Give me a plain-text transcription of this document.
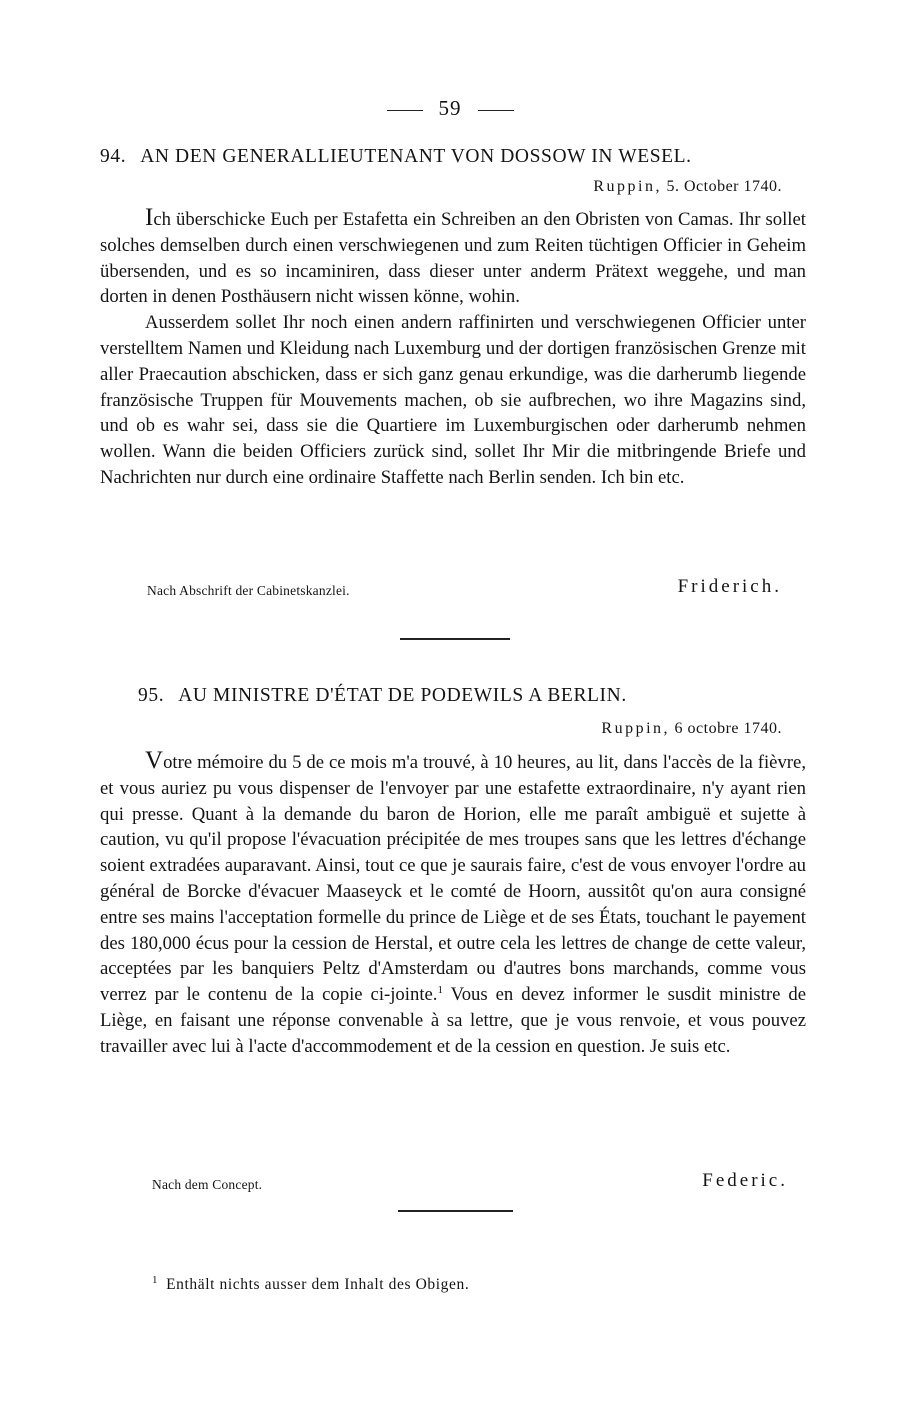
59
94. AN DEN GENERALLIEUTENANT VON DOSSOW IN WESEL.
Ruppin, 5. October 1740.

Ich überschicke Euch per Estafetta ein Schreiben an den Obristen von Camas. Ihr sollet solches demselben durch einen verschwiegenen und zum Reiten tüchtigen Officier in Geheim übersenden, und es so incaminiren, dass dieser unter anderm Prätext weggehe, und man dorten in denen Posthäusern nicht wissen könne, wohin.

Ausserdem sollet Ihr noch einen andern raffinirten und verschwiegenen Officier unter verstelltem Namen und Kleidung nach Luxemburg und der dortigen französischen Grenze mit aller Praecaution abschicken, dass er sich ganz genau erkundige, was die darherumb liegende französische Truppen für Mouvements machen, ob sie aufbrechen, wo ihre Magazins sind, und ob es wahr sei, dass sie die Quartiere im Luxemburgischen oder darherumb nehmen wollen. Wann die beiden Officiers zurück sind, sollet Ihr Mir die mitbringende Briefe und Nachrichten nur durch eine ordinaire Staffette nach Berlin senden. Ich bin etc.

Nach Abschrift der Cabinetskanzlei.	Friderich.
95. AU MINISTRE D'ÉTAT DE PODEWILS A BERLIN.
Ruppin, 6 octobre 1740.

Votre mémoire du 5 de ce mois m'a trouvé, à 10 heures, au lit, dans l'accès de la fièvre, et vous auriez pu vous dispenser de l'envoyer par une estafette extraordinaire, n'y ayant rien qui presse. Quant à la demande du baron de Horion, elle me paraît ambiguë et sujette à caution, vu qu'il propose l'évacuation précipitée de mes troupes sans que les lettres d'échange soient extradées auparavant. Ainsi, tout ce que je saurais faire, c'est de vous envoyer l'ordre au général de Borcke d'évacuer Maaseyck et le comté de Hoorn, aussitôt qu'on aura consigné entre ses mains l'acceptation formelle du prince de Liège et de ses États, touchant le payement des 180,000 écus pour la cession de Herstal, et outre cela les lettres de change de cette valeur, acceptées par les banquiers Peltz d'Amsterdam ou d'autres bons marchands, comme vous verrez par le contenu de la copie ci-jointe.$^1$ Vous en devez informer le susdit ministre de Liège, en faisant une réponse convenable à sa lettre, que je vous renvoie, et vous pouvez travailler avec lui à l'acte d'accommodement et de la cession en question. Je suis etc.

Nach dem Concept.	Federic.
$^1$ Enthält nichts ausser dem Inhalt des Obigen.
